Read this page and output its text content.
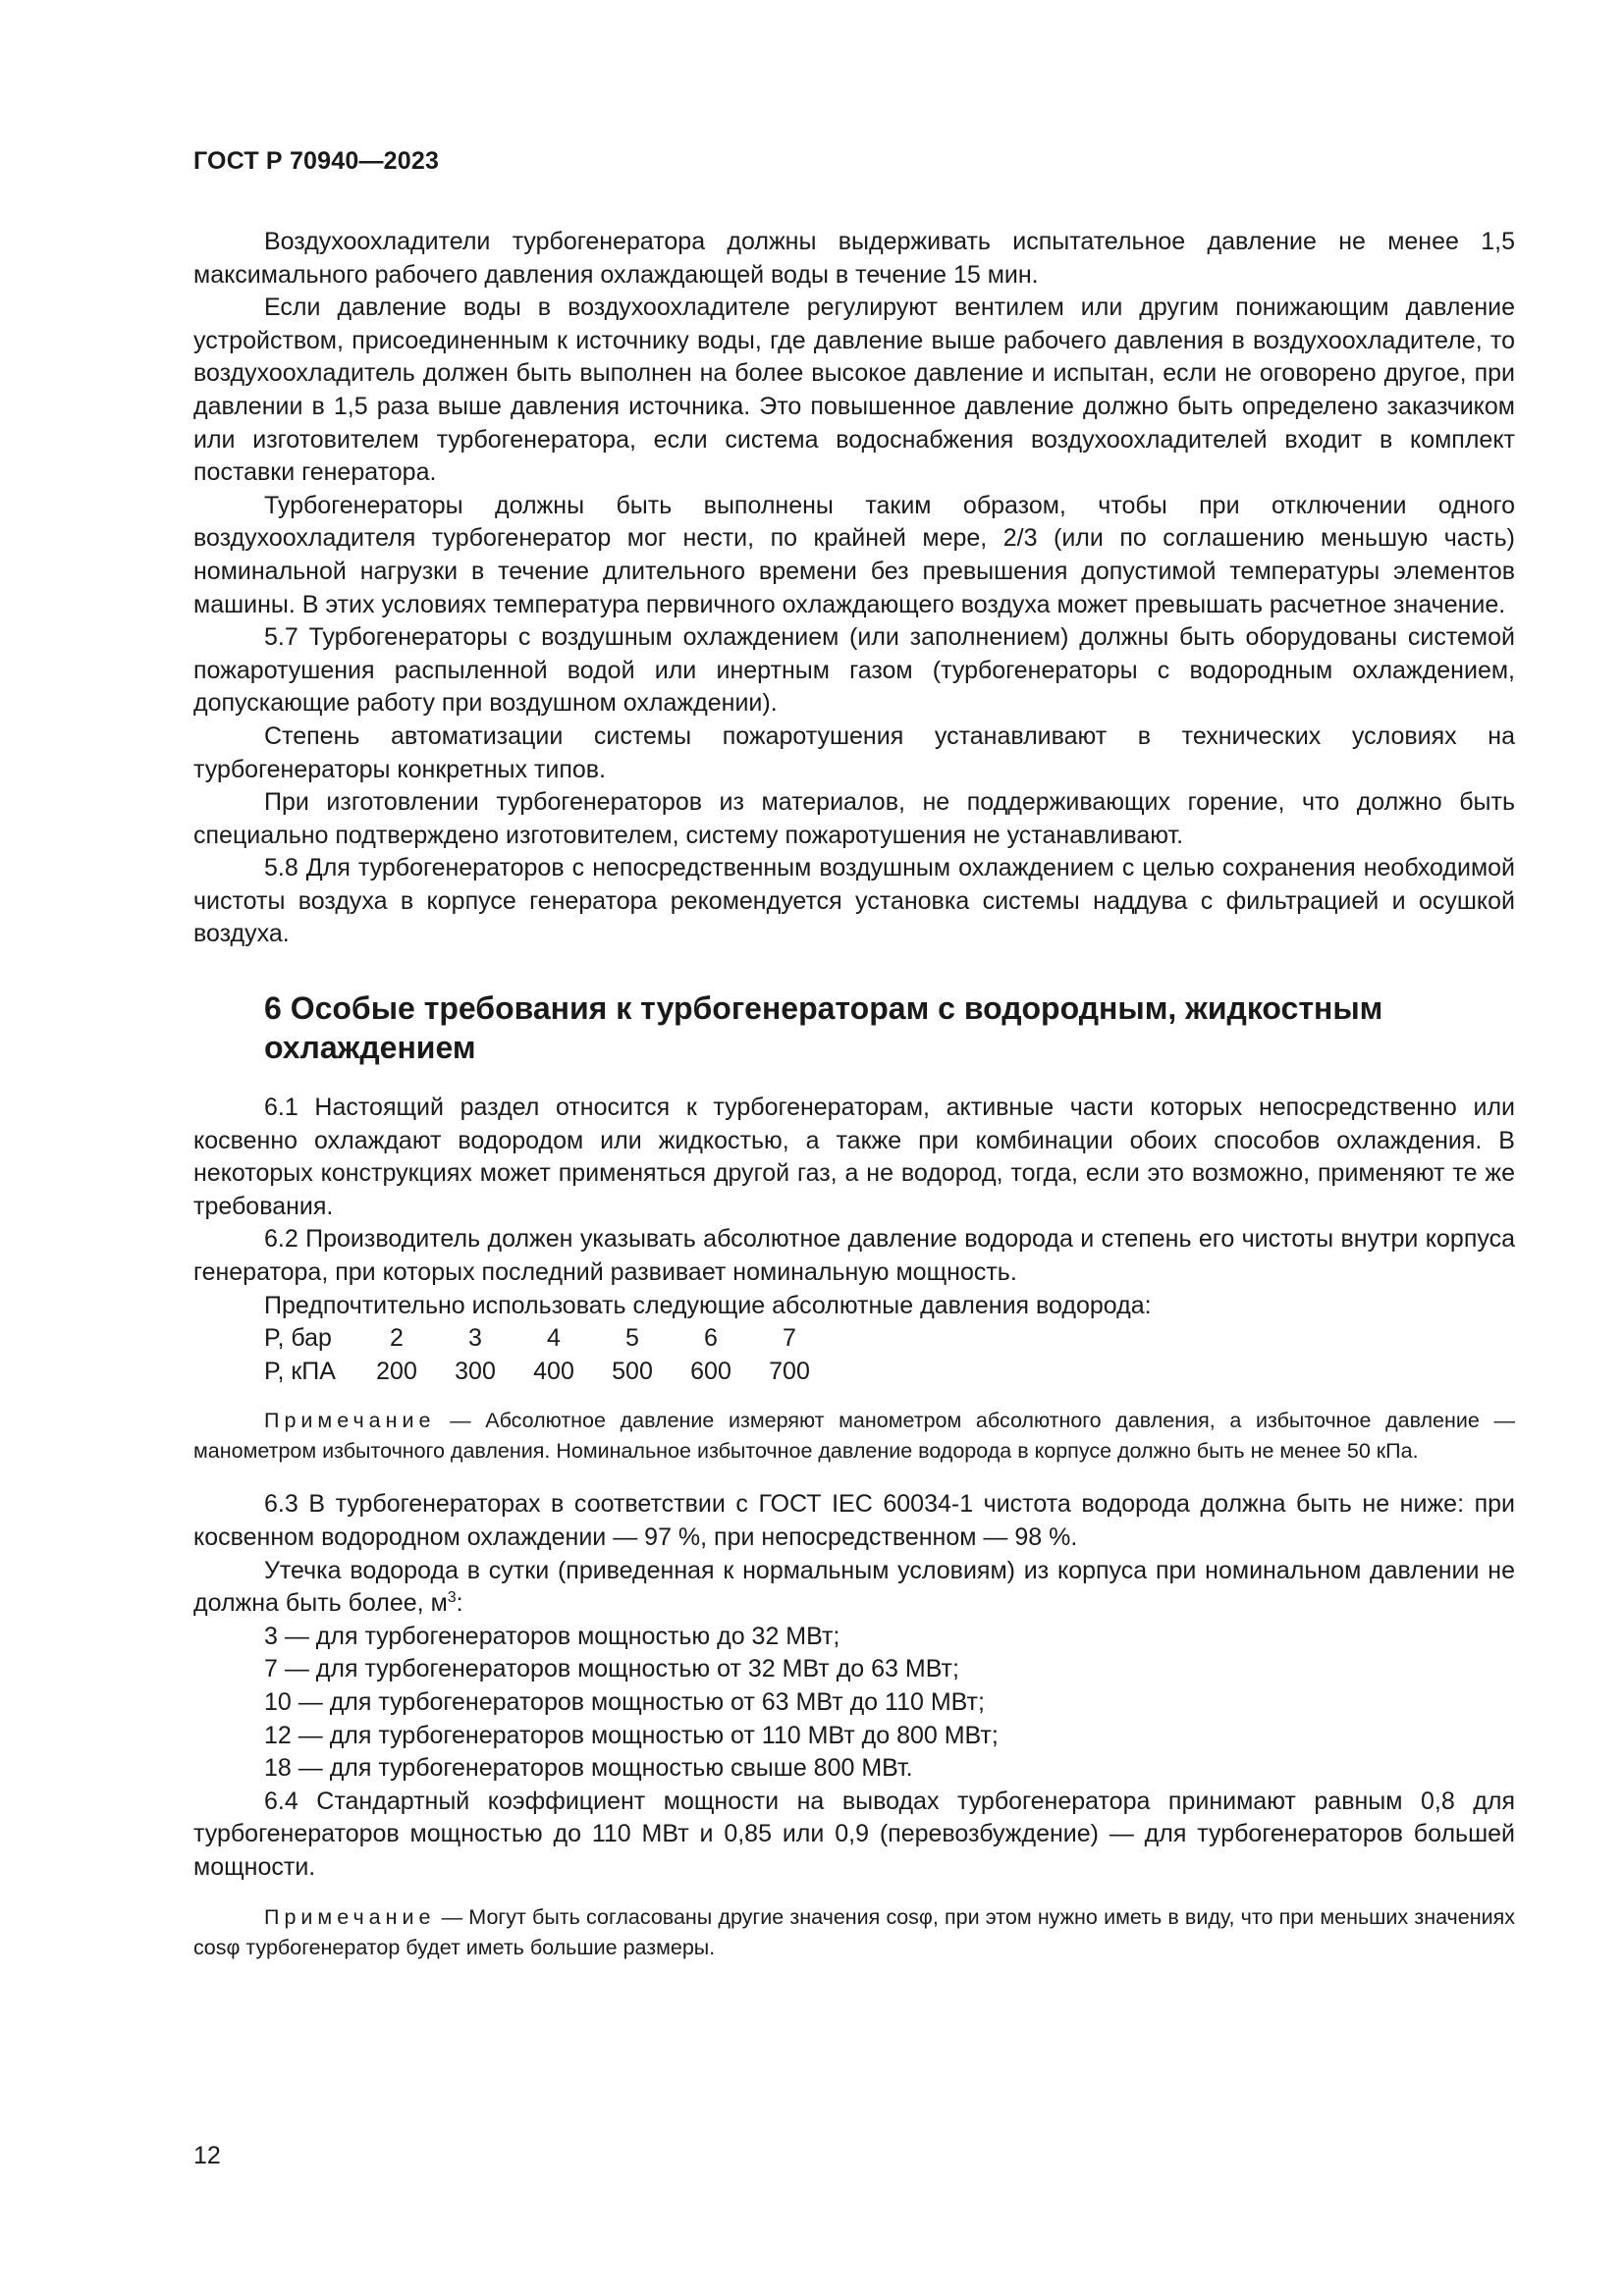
ГОСТ Р 70940—2023

Воздухоохладители турбогенератора должны выдерживать испытательное давление не менее 1,5 максимального рабочего давления охлаждающей воды в течение 15 мин.

Если давление воды в воздухоохладителе регулируют вентилем или другим понижающим давление устройством, присоединенным к источнику воды, где давление выше рабочего давления в воздухоохладителе, то воздухоохладитель должен быть выполнен на более высокое давление и испытан, если не оговорено другое, при давлении в 1,5 раза выше давления источника. Это повышенное давление должно быть определено заказчиком или изготовителем турбогенератора, если система водоснабжения воздухоохладителей входит в комплект поставки генератора.

Турбогенераторы должны быть выполнены таким образом, чтобы при отключении одного воздухоохладителя турбогенератор мог нести, по крайней мере, 2/3 (или по соглашению меньшую часть) номинальной нагрузки в течение длительного времени без превышения допустимой температуры элементов машины. В этих условиях температура первичного охлаждающего воздуха может превышать расчетное значение.

5.7 Турбогенераторы с воздушным охлаждением (или заполнением) должны быть оборудованы системой пожаротушения распыленной водой или инертным газом (турбогенераторы с водородным охлаждением, допускающие работу при воздушном охлаждении).

Степень автоматизации системы пожаротушения устанавливают в технических условиях на турбогенераторы конкретных типов.

При изготовлении турбогенераторов из материалов, не поддерживающих горение, что должно быть специально подтверждено изготовителем, систему пожаротушения не устанавливают.

5.8 Для турбогенераторов с непосредственным воздушным охлаждением с целью сохранения необходимой чистоты воздуха в корпусе генератора рекомендуется установка системы наддува с фильтрацией и осушкой воздуха.

6 Особые требования к турбогенераторам с водородным, жидкостным охлаждением

6.1 Настоящий раздел относится к турбогенераторам, активные части которых непосредственно или косвенно охлаждают водородом или жидкостью, а также при комбинации обоих способов охлаждения. В некоторых конструкциях может применяться другой газ, а не водород, тогда, если это возможно, применяют те же требования.

6.2 Производитель должен указывать абсолютное давление водорода и степень его чистоты внутри корпуса генератора, при которых последний развивает номинальную мощность.

Предпочтительно использовать следующие абсолютные давления водорода:

P, бар	2	3	4	5	6	7
P, кПА	200	300	400	500	600	700
Примечание — Абсолютное давление измеряют манометром абсолютного давления, а избыточное давление — манометром избыточного давления. Номинальное избыточное давление водорода в корпусе должно быть не менее 50 кПа.

6.3 В турбогенераторах в соответствии с ГОСТ IEC 60034-1 чистота водорода должна быть не ниже: при косвенном водородном охлаждении — 97 %, при непосредственном — 98 %.

Утечка водорода в сутки (приведенная к нормальным условиям) из корпуса при номинальном давлении не должна быть более, $м^3$:

3 — для турбогенераторов мощностью до 32 МВт;
7 — для турбогенераторов мощностью от 32 МВт до 63 МВт;
10 — для турбогенераторов мощностью от 63 МВт до 110 МВт;
12 — для турбогенераторов мощностью от 110 МВт до 800 МВт;
18 — для турбогенераторов мощностью свыше 800 МВт.

6.4 Стандартный коэффициент мощности на выводах турбогенератора принимают равным 0,8 для турбогенераторов мощностью до 110 МВт и 0,85 или 0,9 (перевозбуждение) — для турбогенераторов большей мощности.

Примечание — Могут быть согласованы другие значения cosφ, при этом нужно иметь в виду, что при меньших значениях cosφ турбогенератор будет иметь большие размеры.
12
